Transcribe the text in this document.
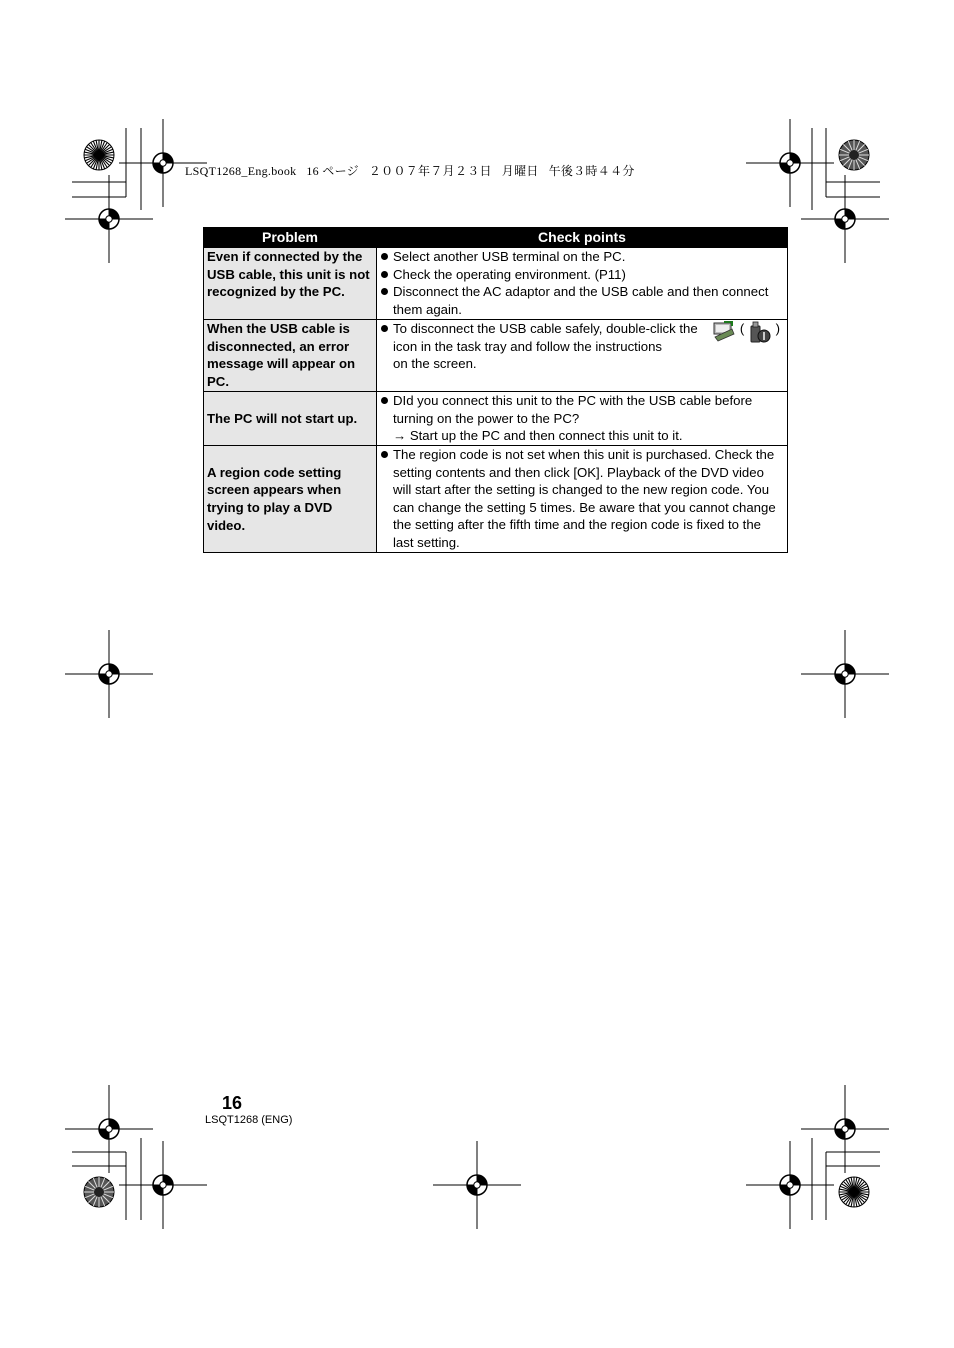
LSQT1268_Eng.book 16 ページ ２００７年７月２３日 月曜日 午後３時４４分
Problem	Check points
Even if connected by the USB cable, this unit is not recognized by the PC.	Select another USB terminal on the PC.
Check the operating environment. (P11)
Disconnect the AC adaptor and the USB cable and then connect them again.

When the USB cable is disconnected, an error message will appear on PC.	To disconnect the USB cable safely, double-click the ( )
icon in the task tray and follow the instructions
on the screen.

The PC will not start up.	DId you connect this unit to the PC with the USB cable before turning on the power to the PC?
→ Start up the PC and then connect this unit to it.

A region code setting screen appears when trying to play a DVD video.	The region code is not set when this unit is purchased. Check the setting contents and then click [OK]. Playback of the DVD video will start after the setting is changed to the new region code. You can change the setting 5 times. Be aware that you cannot change the setting after the fifth time and the region code is fixed to the last setting.
16
LSQT1268 (ENG)
